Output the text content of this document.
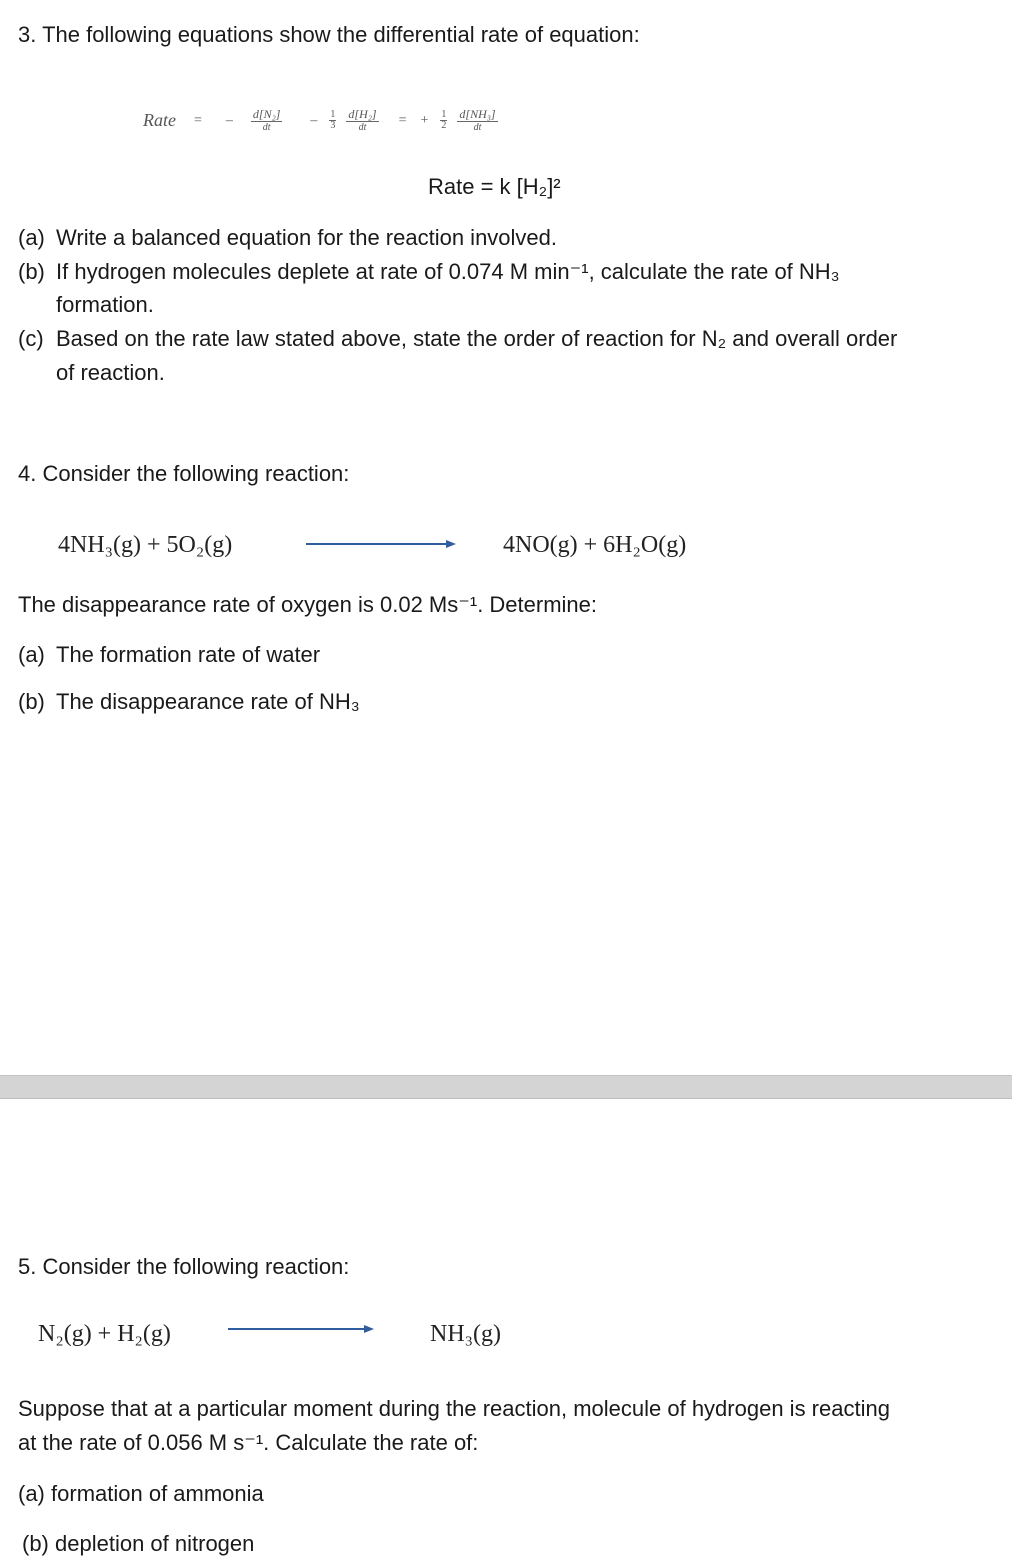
3. The following equations show the differential rate of equation:
Rate = – $\frac{\text{d[N₂]}}{dt} - \frac{1}{3}$
$\frac{\text{d[H₂]}}{dt}$ = + $\frac{1}{2}$
$\frac{\text{d[NH₃]}}{dt}$
Rate = k [H₂]²
(a) Write a balanced equation for the reaction involved.
(b) If hydrogen molecules deplete at rate of 0.074 M min⁻¹, calculate the rate of NH₃
formation.
(c) Based on the rate law stated above, state the order of reaction for N₂ and overall order
of reaction.
4. Consider the following reaction:
4NH₃(g) + 5O₂(g)	4NO(g) + 6H₂O(g)
The disappearance rate of oxygen is 0.02 Ms⁻¹. Determine:
(a) The formation rate of water
(b) The disappearance rate of NH₃
5. Consider the following reaction:
N₂(g) + H₂(g)	NH₃(g)
Suppose that at a particular moment during the reaction, molecule of hydrogen is reacting
at the rate of 0.056 M s⁻¹. Calculate the rate of:
(a) formation of ammonia
(b) depletion of nitrogen
